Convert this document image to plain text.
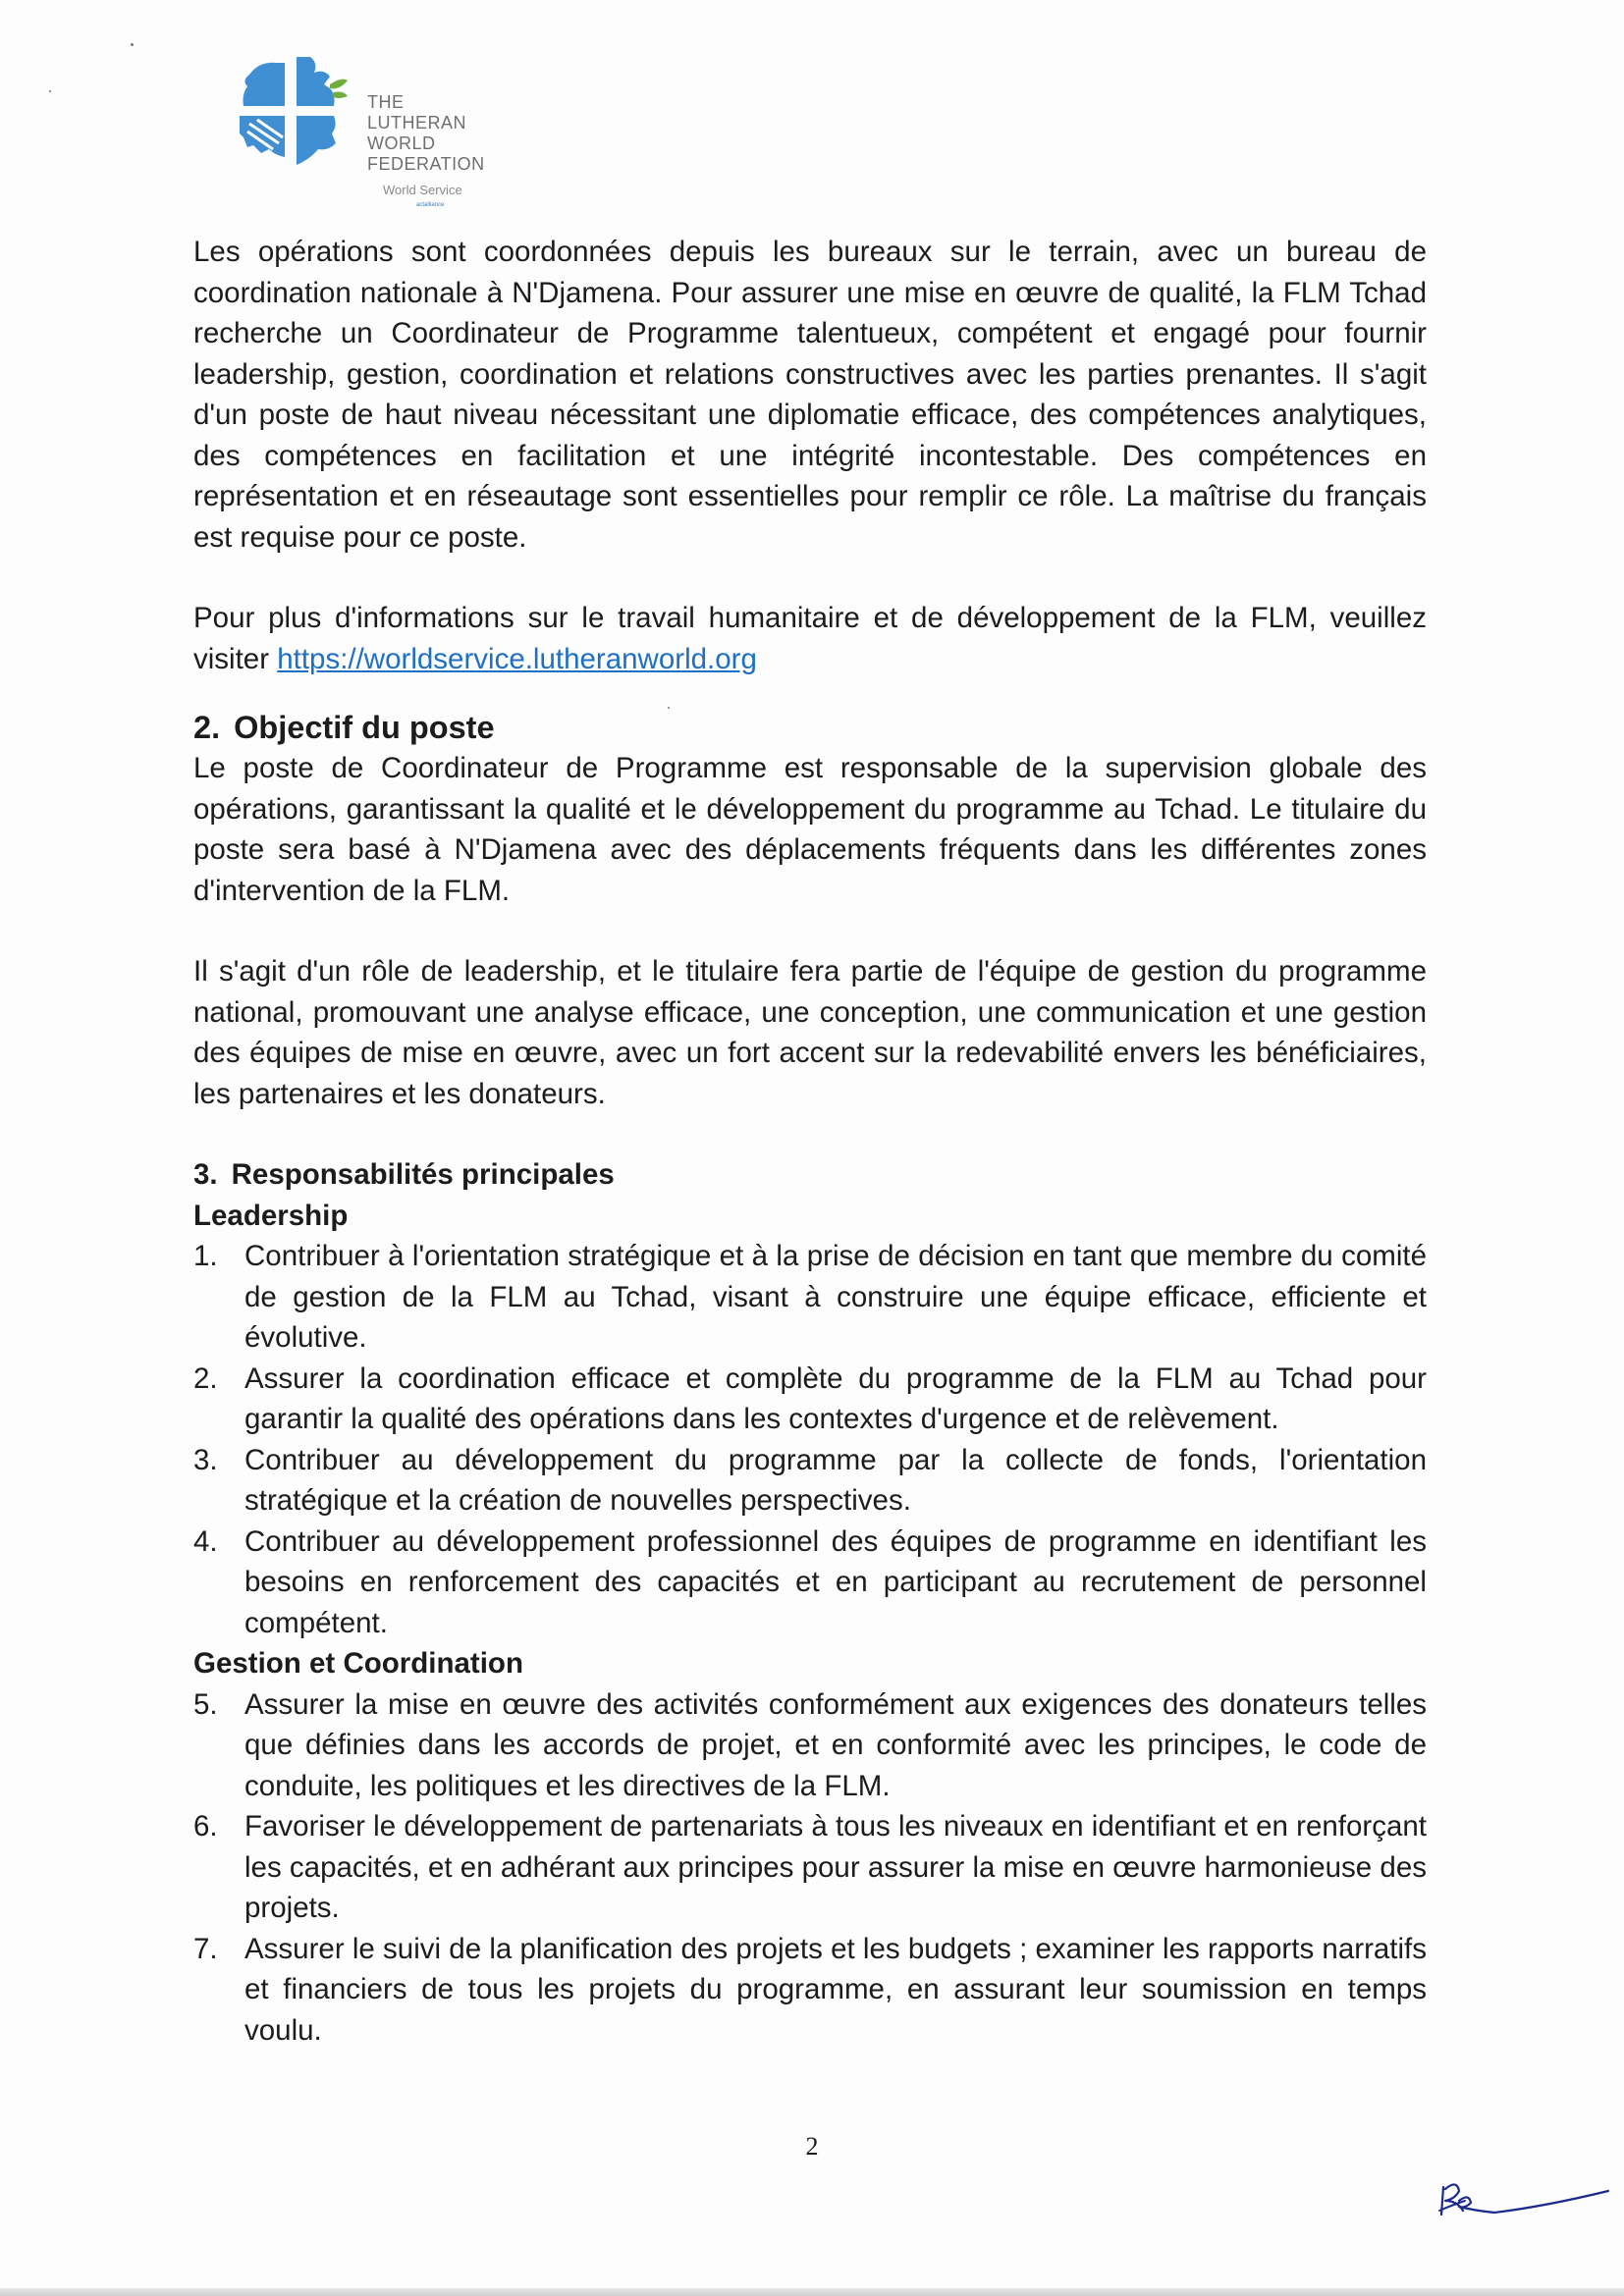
THE
LUTHERAN
WORLD
FEDERATION
World Service
actalliance

Les opérations sont coordonnées depuis les bureaux sur le terrain, avec un bureau de coordination nationale à N'Djamena. Pour assurer une mise en œuvre de qualité, la FLM Tchad recherche un Coordinateur de Programme talentueux, compétent et engagé pour fournir leadership, gestion, coordination et relations constructives avec les parties prenantes. Il s'agit d'un poste de haut niveau nécessitant une diplomatie efficace, des compétences analytiques, des compétences en facilitation et une intégrité incontestable. Des compétences en représentation et en réseautage sont essentielles pour remplir ce rôle. La maîtrise du français est requise pour ce poste.

Pour plus d'informations sur le travail humanitaire et de développement de la FLM, veuillez visiter https://worldservice.lutheranworld.org

2. Objectif du poste

Le poste de Coordinateur de Programme est responsable de la supervision globale des opérations, garantissant la qualité et le développement du programme au Tchad. Le titulaire du poste sera basé à N'Djamena avec des déplacements fréquents dans les différentes zones d'intervention de la FLM.

Il s'agit d'un rôle de leadership, et le titulaire fera partie de l'équipe de gestion du programme national, promouvant une analyse efficace, une conception, une communication et une gestion des équipes de mise en œuvre, avec un fort accent sur la redevabilité envers les bénéficiaires, les partenaires et les donateurs.

3. Responsabilités principales
Leadership
1. Contribuer à l'orientation stratégique et à la prise de décision en tant que membre du comité de gestion de la FLM au Tchad, visant à construire une équipe efficace, efficiente et évolutive.
2. Assurer la coordination efficace et complète du programme de la FLM au Tchad pour garantir la qualité des opérations dans les contextes d'urgence et de relèvement.
3. Contribuer au développement du programme par la collecte de fonds, l'orientation stratégique et la création de nouvelles perspectives.
4. Contribuer au développement professionnel des équipes de programme en identifiant les besoins en renforcement des capacités et en participant au recrutement de personnel compétent.
Gestion et Coordination
5. Assurer la mise en œuvre des activités conformément aux exigences des donateurs telles que définies dans les accords de projet, et en conformité avec les principes, le code de conduite, les politiques et les directives de la FLM.
6. Favoriser le développement de partenariats à tous les niveaux en identifiant et en renforçant les capacités, et en adhérant aux principes pour assurer la mise en œuvre harmonieuse des projets.
7. Assurer le suivi de la planification des projets et les budgets ; examiner les rapports narratifs et financiers de tous les projets du programme, en assurant leur soumission en temps voulu.
2
